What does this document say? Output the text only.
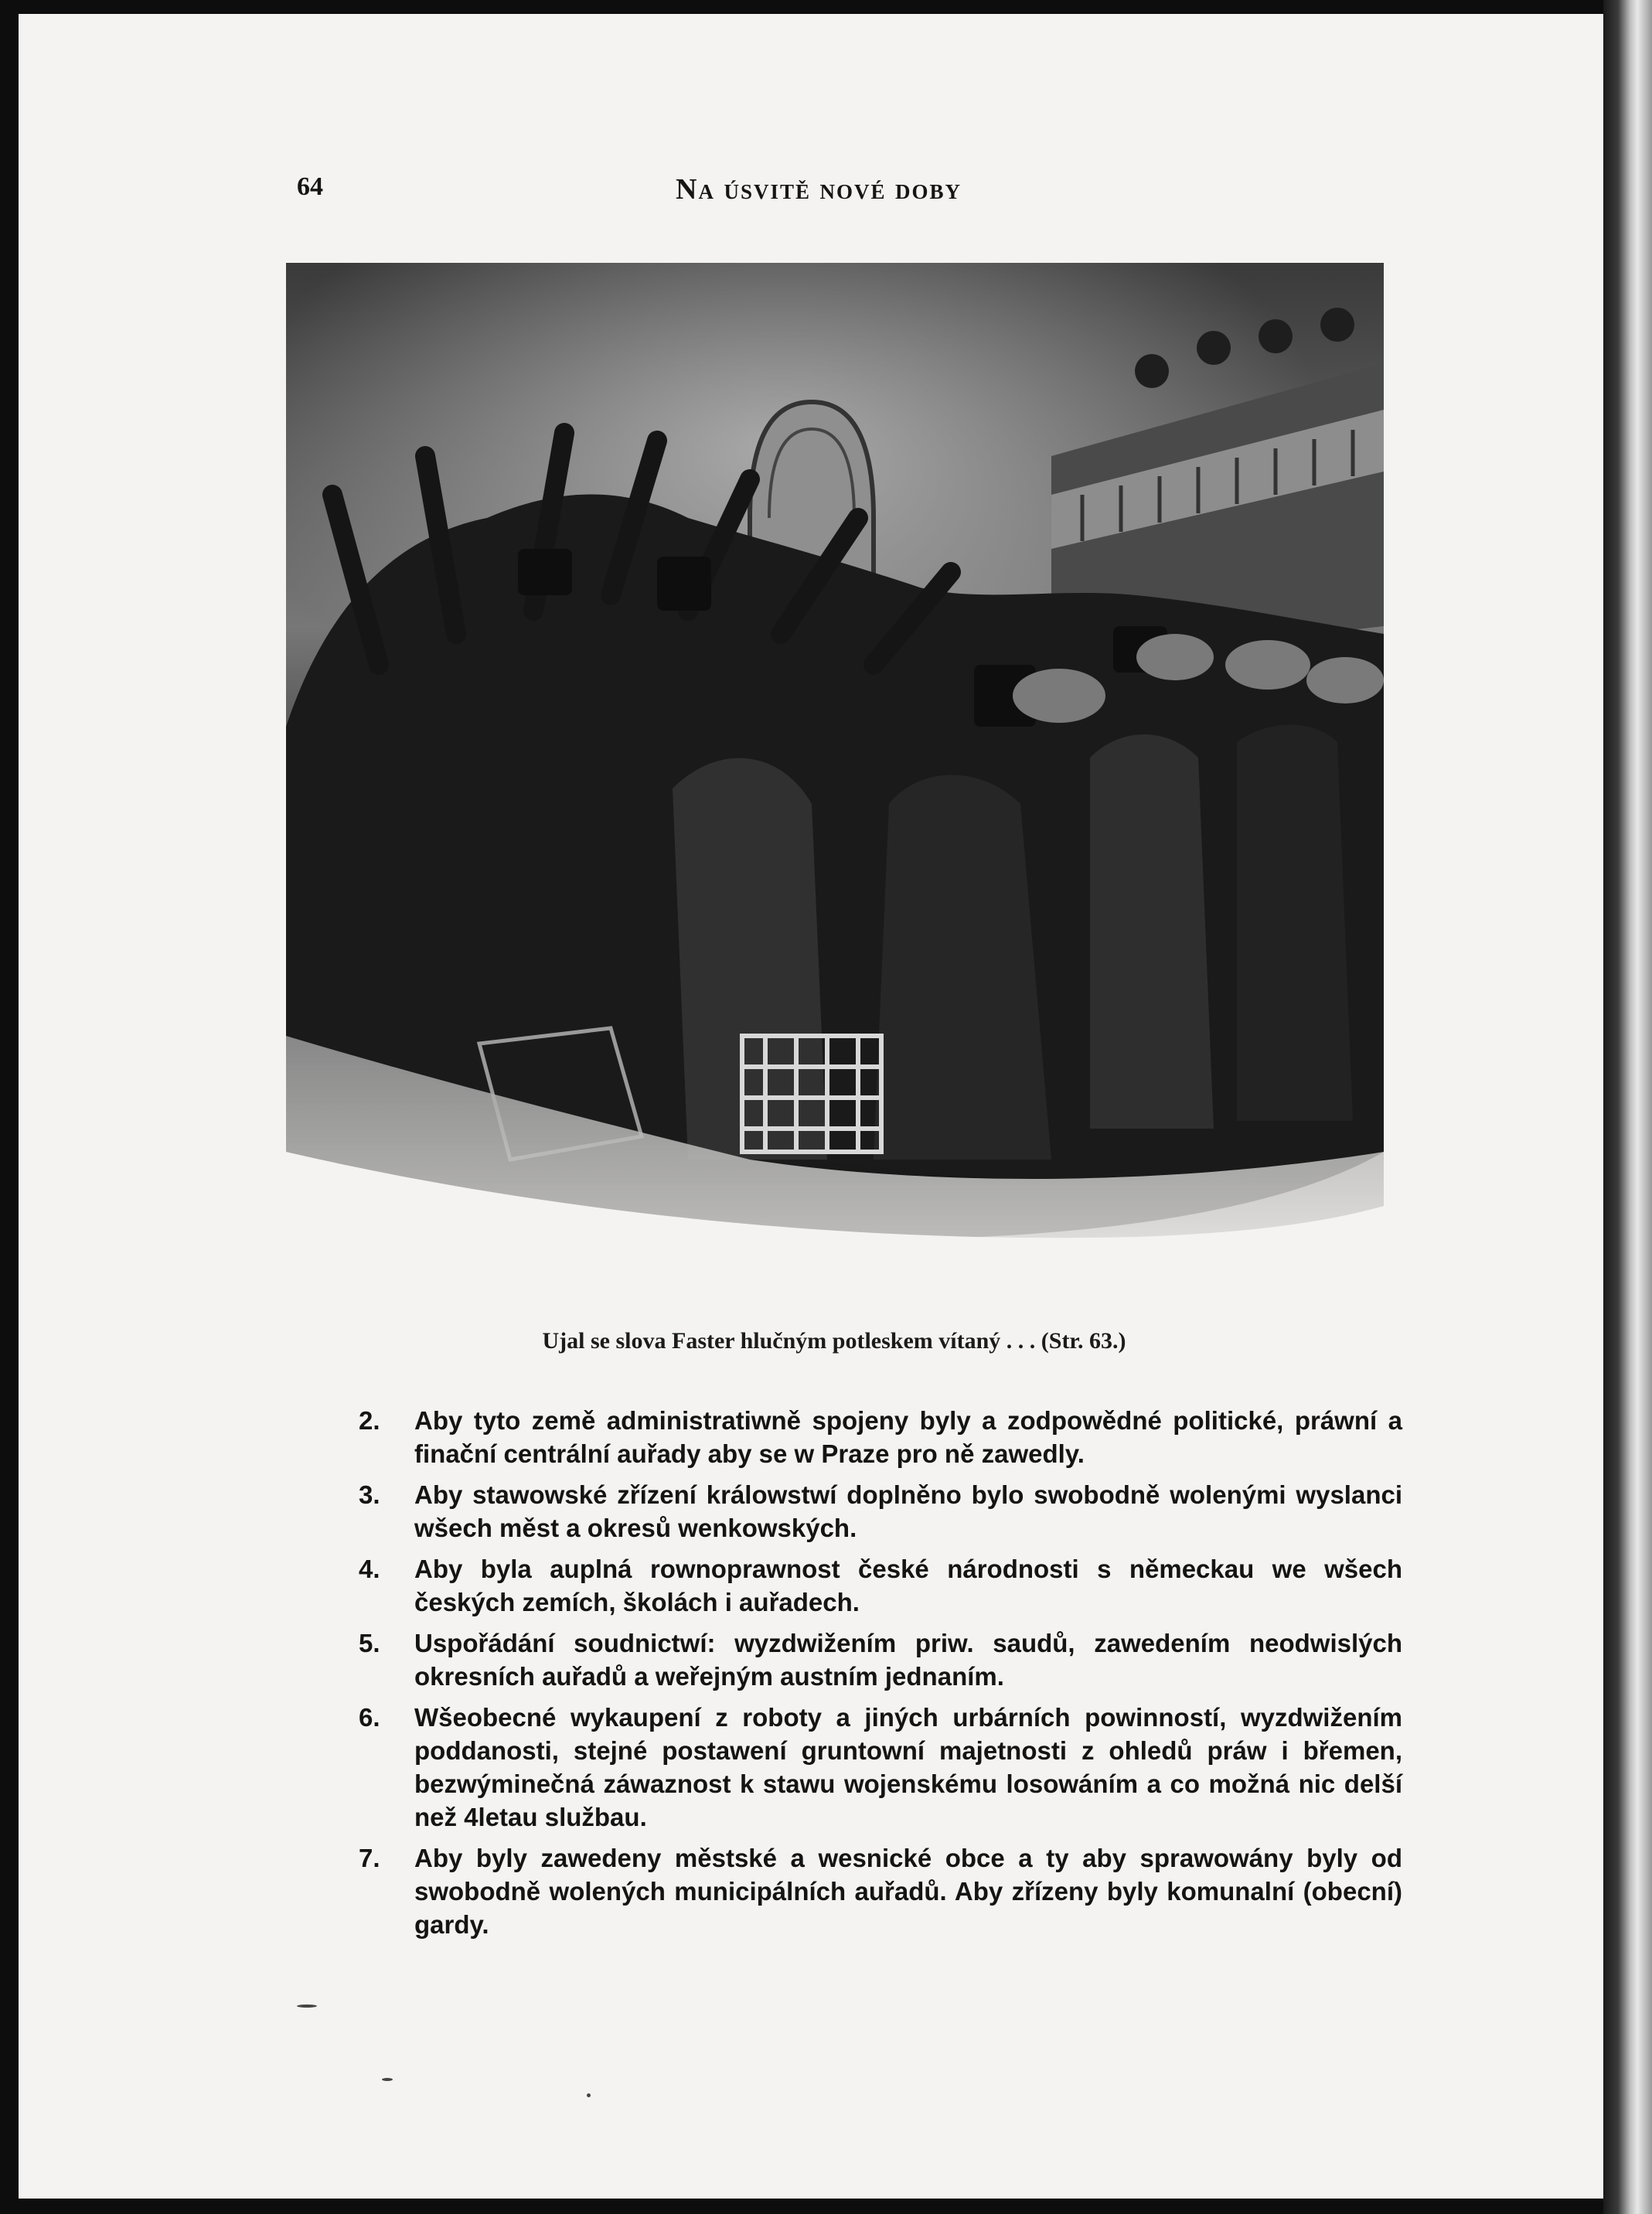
64	Na úsvitě nové doby
Ujal se slova Faster hlučným potleskem vítaný . . . (Str. 63.)
2. Aby tyto země administratiwně spojeny byly a zodpowědné politické, práwní a finační centrální auřady aby se w Praze pro ně zawedly.
3. Aby stawowské zřízení králowstwí doplněno bylo swobodně wolenými wyslanci wšech měst a okresů wenkowských.
4. Aby byla auplná rownoprawnost české národnosti s německau we wšech českých zemích, školách i auřadech.
5. Uspořádání soudnictwí: wyzdwižením priw. saudů, zawedením neodwislých okresních auřadů a weřejným austním jednaním.
6. Wšeobecné wykaupení z roboty a jiných urbárních powinností, wyzdwižením poddanosti, stejné postawení gruntowní majetnosti z ohledů práw i břemen, bezwýminečná záwaznost k stawu wojenskému losowáním a co možná nic delší než 4letau službau.
7. Aby byly zawedeny městské a wesnické obce a ty aby sprawowány byly od swobodně wolených municipálních auřadů. Aby zřízeny byly komunalní (obecní) gardy.
